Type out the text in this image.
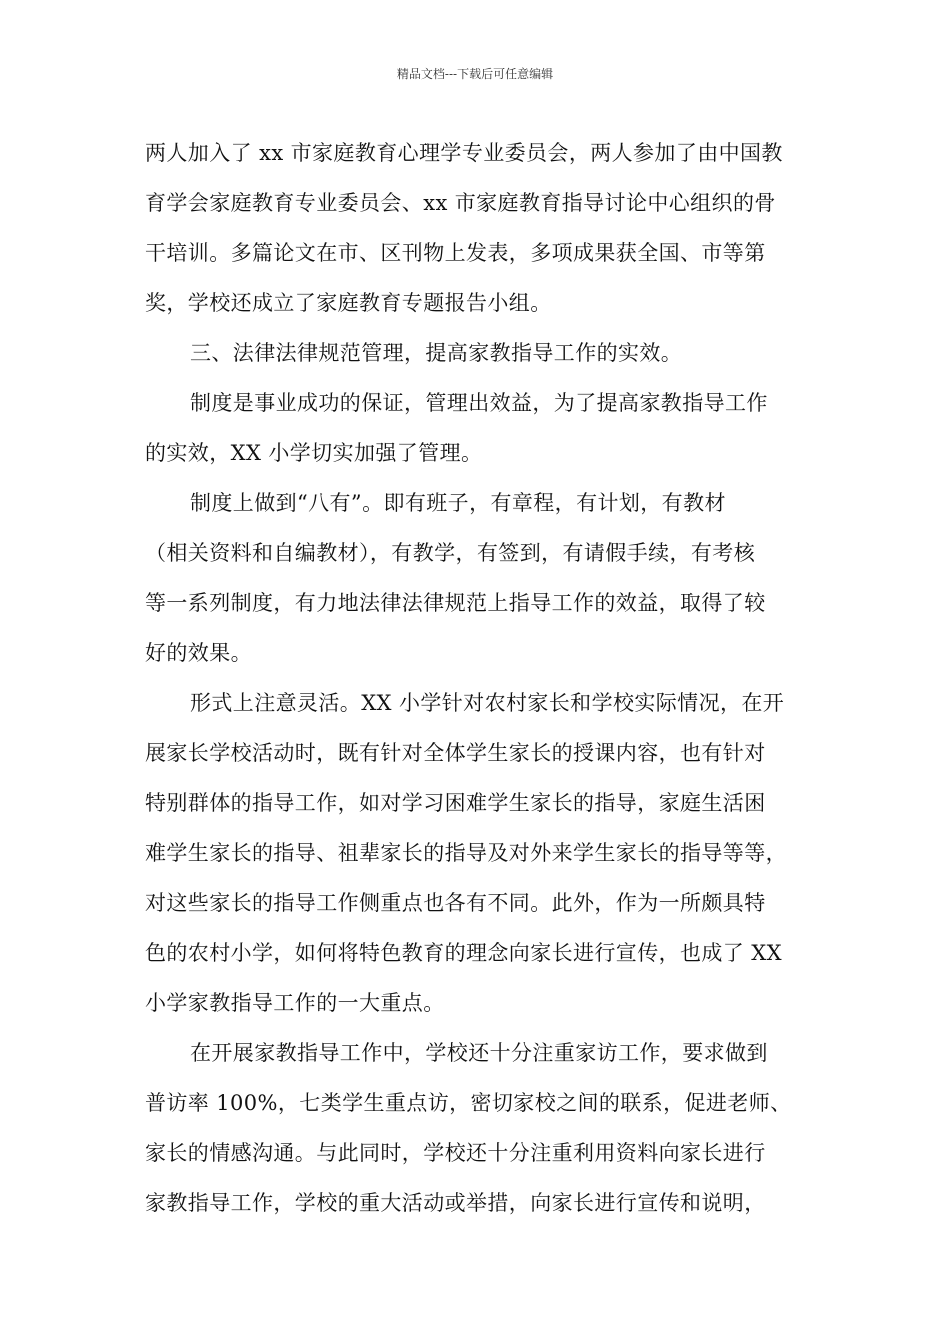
精品文档---下载后可任意编辑
两人加入了 xx 市家庭教育心理学专业委员会，两人参加了由中国教
育学会家庭教育专业委员会、xx 市家庭教育指导讨论中心组织的骨
干培训。多篇论文在市、区刊物上发表，多项成果获全国、市等第
奖，学校还成立了家庭教育专题报告小组。
三、法律法律规范管理，提高家教指导工作的实效。
制度是事业成功的保证，管理出效益，为了提高家教指导工作
的实效，XX 小学切实加强了管理。
制度上做到“八有”。即有班子，有章程，有计划，有教材
（相关资料和自编教材），有教学，有签到，有请假手续，有考核
等一系列制度，有力地法律法律规范上指导工作的效益，取得了较
好的效果。
形式上注意灵活。XX 小学针对农村家长和学校实际情况，在开
展家长学校活动时，既有针对全体学生家长的授课内容，也有针对
特别群体的指导工作，如对学习困难学生家长的指导，家庭生活困
难学生家长的指导、祖辈家长的指导及对外来学生家长的指导等等，
对这些家长的指导工作侧重点也各有不同。此外，作为一所颇具特
色的农村小学，如何将特色教育的理念向家长进行宣传，也成了 XX
小学家教指导工作的一大重点。
在开展家教指导工作中，学校还十分注重家访工作，要求做到
普访率 100%，七类学生重点访，密切家校之间的联系，促进老师、
家长的情感沟通。与此同时，学校还十分注重利用资料向家长进行
家教指导工作，学校的重大活动或举措，向家长进行宣传和说明，
